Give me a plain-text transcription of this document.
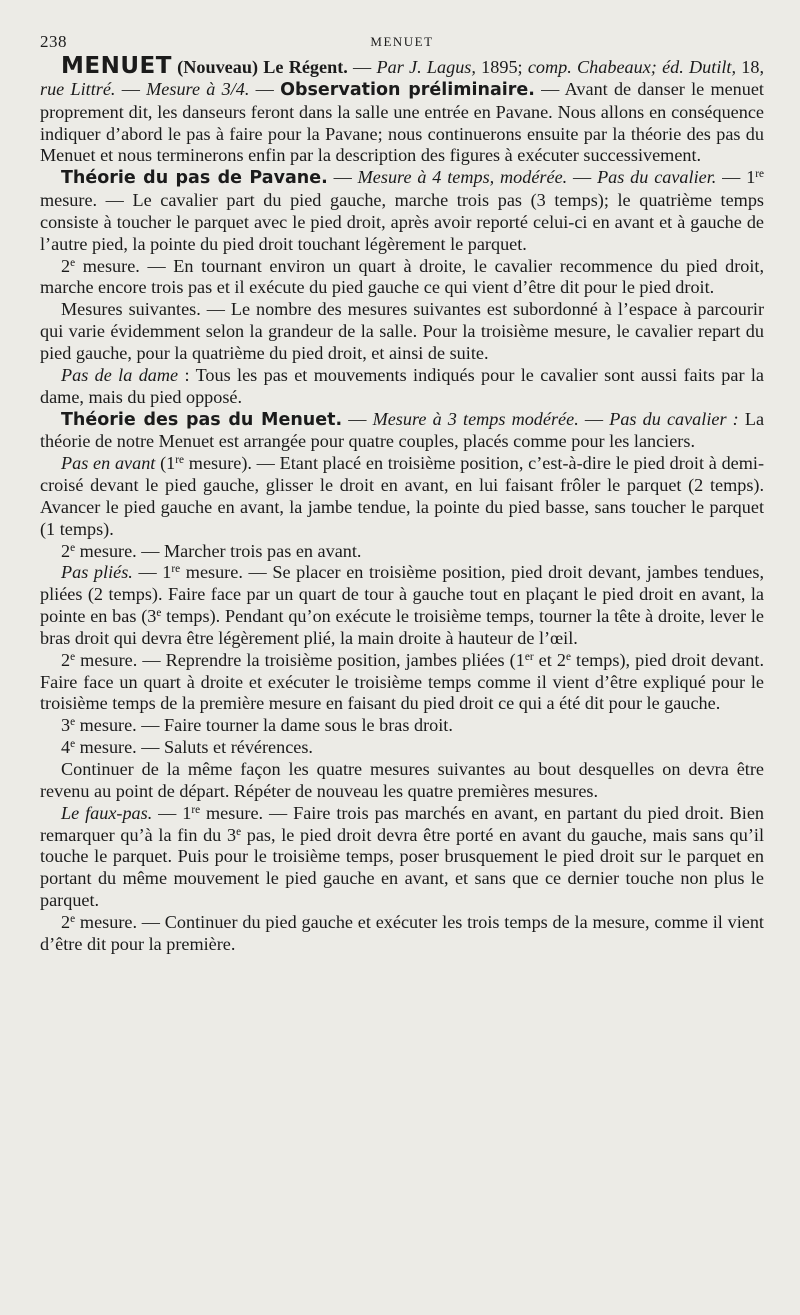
238	MENUET

MENUET (Nouveau) Le Régent. — Par J. Lagus, 1895; comp. Chabeaux; éd. Dutilt, 18, rue Littré. — Mesure à 3/4. — Observation préliminaire. — Avant de danser le menuet proprement dit, les danseurs feront dans la salle une entrée en Pavane. Nous allons en conséquence indiquer d’abord le pas à faire pour la Pavane; nous continuerons ensuite par la théorie des pas du Menuet et nous terminerons enfin par la description des figures à exécuter successivement.

Théorie du pas de Pavane. — Mesure à 4 temps, modérée. — Pas du cavalier. — 1re mesure. — Le cavalier part du pied gauche, marche trois pas (3 temps); le quatrième temps consiste à toucher le parquet avec le pied droit, après avoir reporté celui-ci en avant et à gauche de l’autre pied, la pointe du pied droit touchant légèrement le parquet.

2e mesure. — En tournant environ un quart à droite, le cavalier recommence du pied droit, marche encore trois pas et il exécute du pied gauche ce qui vient d’être dit pour le pied droit.

Mesures suivantes. — Le nombre des mesures suivantes est subordonné à l’espace à parcourir qui varie évidemment selon la grandeur de la salle. Pour la troisième mesure, le cavalier repart du pied gauche, pour la quatrième du pied droit, et ainsi de suite.

Pas de la dame : Tous les pas et mouvements indiqués pour le cavalier sont aussi faits par la dame, mais du pied opposé.

Théorie des pas du Menuet. — Mesure à 3 temps modérée. — Pas du cavalier : La théorie de notre Menuet est arrangée pour quatre couples, placés comme pour les lanciers.

Pas en avant (1re mesure). — Etant placé en troisième position, c’est-à-dire le pied droit à demi-croisé devant le pied gauche, glisser le droit en avant, en lui faisant frôler le parquet (2 temps). Avancer le pied gauche en avant, la jambe tendue, la pointe du pied basse, sans toucher le parquet (1 temps).

2e mesure. — Marcher trois pas en avant.

Pas pliés. — 1re mesure. — Se placer en troisième position, pied droit devant, jambes tendues, pliées (2 temps). Faire face par un quart de tour à gauche tout en plaçant le pied droit en avant, la pointe en bas (3e temps). Pendant qu’on exécute le troisième temps, tourner la tête à droite, lever le bras droit qui devra être légèrement plié, la main droite à hauteur de l’œil.

2e mesure. — Reprendre la troisième position, jambes pliées (1er et 2e temps), pied droit devant. Faire face un quart à droite et exécuter le troisième temps comme il vient d’être expliqué pour le troisième temps de la première mesure en faisant du pied droit ce qui a été dit pour le gauche.

3e mesure. — Faire tourner la dame sous le bras droit.

4e mesure. — Saluts et révérences.

Continuer de la même façon les quatre mesures suivantes au bout desquelles on devra être revenu au point de départ. Répéter de nouveau les quatre premières mesures.

Le faux-pas. — 1re mesure. — Faire trois pas marchés en avant, en partant du pied droit. Bien remarquer qu’à la fin du 3e pas, le pied droit devra être porté en avant du gauche, mais sans qu’il touche le parquet. Puis pour le troisième temps, poser brusquement le pied droit sur le parquet en portant du même mouvement le pied gauche en avant, et sans que ce dernier touche non plus le parquet.

2e mesure. — Continuer du pied gauche et exécuter les trois temps de la mesure, comme il vient d’être dit pour la première.
